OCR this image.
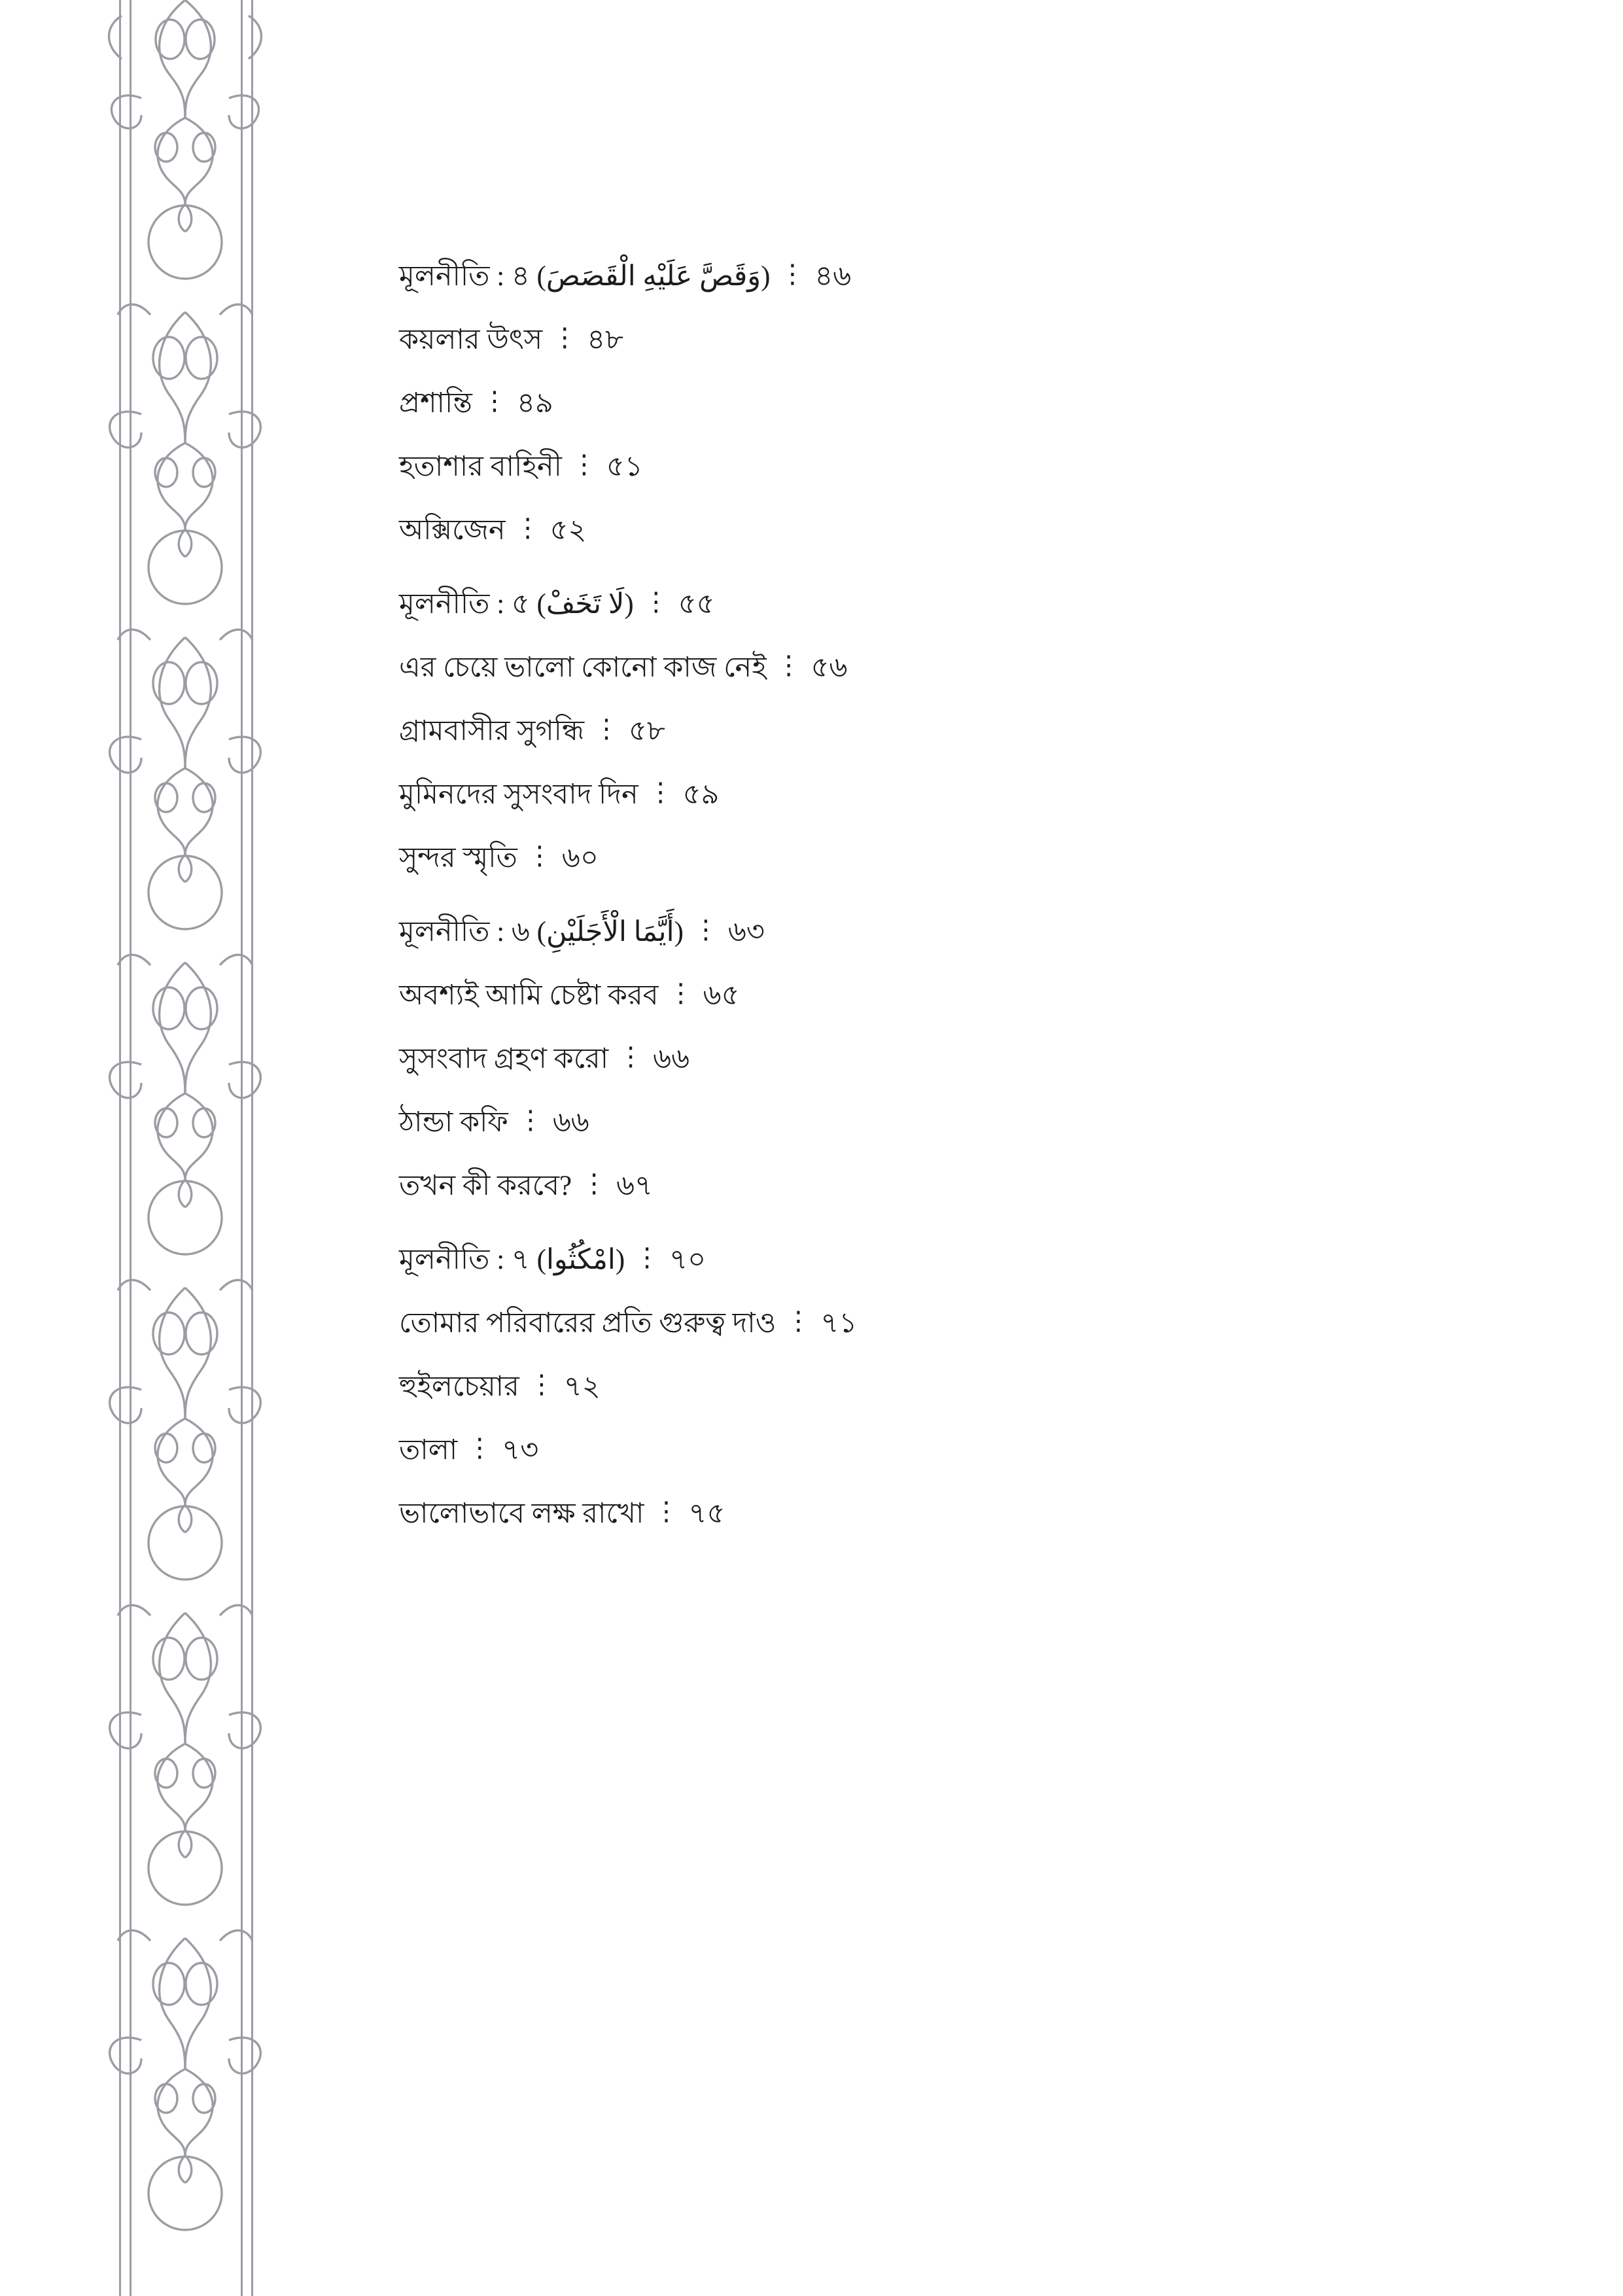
মূলনীতি : ৪ (وَقَصَّ عَلَيْهِ الْقَصَصَ) ⋮ ৪৬
কয়লার উৎস ⋮ ৪৮
প্রশান্তি ⋮ ৪৯
হতাশার বাহিনী ⋮ ৫১
অক্সিজেন ⋮ ৫২
মূলনীতি : ৫ (لَا تَخَفْ) ⋮ ৫৫
এর চেয়ে ভালো কোনো কাজ নেই ⋮ ৫৬
গ্রামবাসীর সুগন্ধি ⋮ ৫৮
মুমিনদের সুসংবাদ দিন ⋮ ৫৯
সুন্দর স্মৃতি ⋮ ৬০
মূলনীতি : ৬ (أَيَّمَا الْأَجَلَيْنِ) ⋮ ৬৩
অবশ্যই আমি চেষ্টা করব ⋮ ৬৫
সুসংবাদ গ্রহণ করো ⋮ ৬৬
ঠান্ডা কফি ⋮ ৬৬
তখন কী করবে? ⋮ ৬৭
মূলনীতি : ৭ (امْكُثُوا) ⋮ ৭০
তোমার পরিবারের প্রতি গুরুত্ব দাও ⋮ ৭১
হুইলচেয়ার ⋮ ৭২
তালা ⋮ ৭৩
ভালোভাবে লক্ষ রাখো ⋮ ৭৫
